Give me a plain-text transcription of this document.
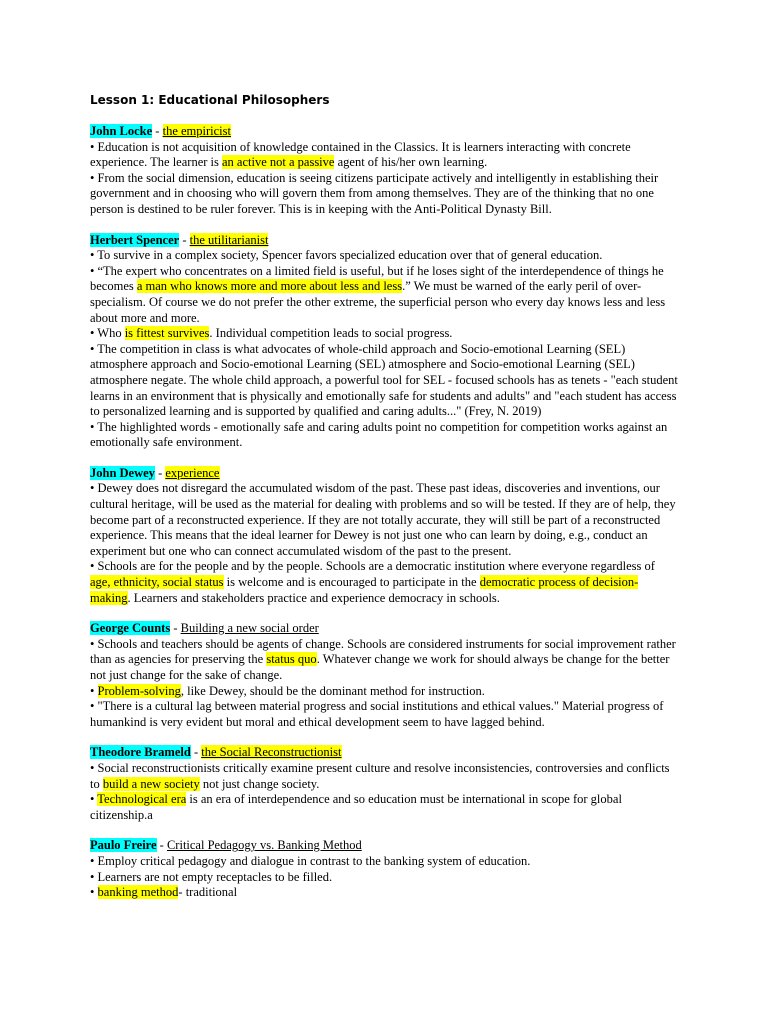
Lesson 1: Educational Philosophers
John Locke - the empiricist
• Education is not acquisition of knowledge contained in the Classics. It is learners interacting with concrete experience. The learner is an active not a passive agent of his/her own learning.
• From the social dimension, education is seeing citizens participate actively and intelligently in establishing their government and in choosing who will govern them from among themselves. They are of the thinking that no one person is destined to be ruler forever. This is in keeping with the Anti-Political Dynasty Bill.
Herbert Spencer - the utilitarianist
• To survive in a complex society, Spencer favors specialized education over that of general education.
• “The expert who concentrates on a limited field is useful, but if he loses sight of the interdependence of things he becomes a man who knows more and more about less and less.” We must be warned of the early peril of over-specialism. Of course we do not prefer the other extreme, the superficial person who every day knows less and less about more and more.
• Who is fittest survives. Individual competition leads to social progress.
• The competition in class is what advocates of whole-child approach and Socio-emotional Learning (SEL) atmosphere approach and Socio-emotional Learning (SEL) atmosphere and Socio-emotional Learning (SEL) atmosphere negate. The whole child approach, a powerful tool for SEL - focused schools has as tenets - "each student learns in an environment that is physically and emotionally safe for students and adults" and "each student has access to personalized learning and is supported by qualified and caring adults..." (Frey, N. 2019)
• The highlighted words - emotionally safe and caring adults point no competition for competition works against an emotionally safe environment.
John Dewey - experience
• Dewey does not disregard the accumulated wisdom of the past. These past ideas, discoveries and inventions, our cultural heritage, will be used as the material for dealing with problems and so will be tested. If they are of help, they become part of a reconstructed experience. If they are not totally accurate, they will still be part of a reconstructed experience. This means that the ideal learner for Dewey is not just one who can learn by doing, e.g., conduct an experiment but one who can connect accumulated wisdom of the past to the present.
• Schools are for the people and by the people. Schools are a democratic institution where everyone regardless of age, ethnicity, social status is welcome and is encouraged to participate in the democratic process of decision-making. Learners and stakeholders practice and experience democracy in schools.
George Counts - Building a new social order
• Schools and teachers should be agents of change. Schools are considered instruments for social improvement rather than as agencies for preserving the status quo. Whatever change we work for should always be change for the better not just change for the sake of change.
• Problem-solving, like Dewey, should be the dominant method for instruction.
• "There is a cultural lag between material progress and social institutions and ethical values." Material progress of humankind is very evident but moral and ethical development seem to have lagged behind.
Theodore Brameld - the Social Reconstructionist
• Social reconstructionists critically examine present culture and resolve inconsistencies, controversies and conflicts to build a new society not just change society.
• Technological era is an era of interdependence and so education must be international in scope for global citizenship.a
Paulo Freire - Critical Pedagogy vs. Banking Method
• Employ critical pedagogy and dialogue in contrast to the banking system of education.
• Learners are not empty receptacles to be filled.
• banking method- traditional
